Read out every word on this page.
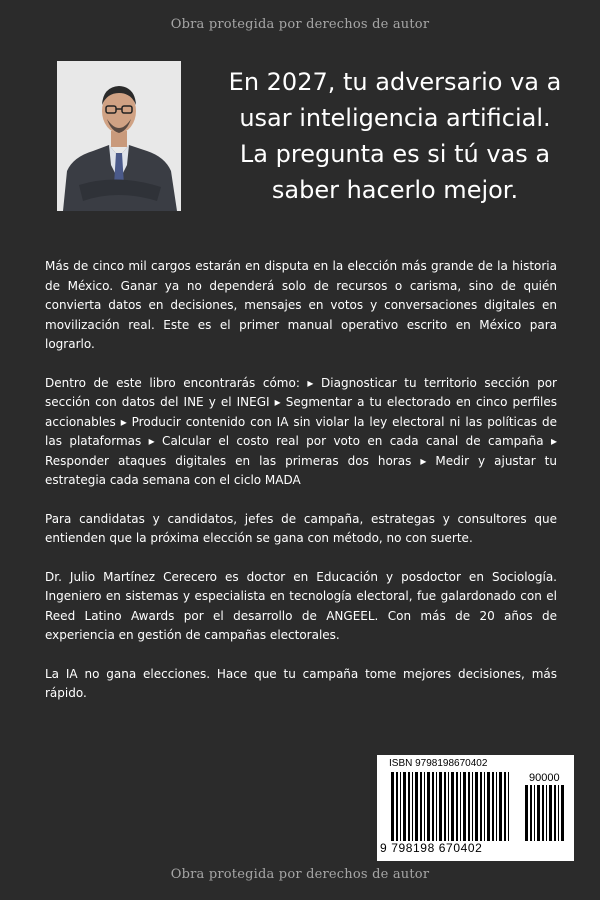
Obra protegida por derechos de autor
En 2027, tu adversario va a
usar inteligencia artificial.
La pregunta es si tú vas a
saber hacerlo mejor.

Más de cinco mil cargos estarán en disputa en la elección más grande de la historia de México. Ganar ya no dependerá solo de recursos o carisma, sino de quién convierta datos en decisiones, mensajes en votos y conversaciones digitales en movilización real. Este es el primer manual operativo escrito en México para lograrlo.

Dentro de este libro encontrarás cómo: ▸ Diagnosticar tu territorio sección por sección con datos del INE y el INEGI ▸ Segmentar a tu electorado en cinco perfiles accionables ▸ Producir contenido con IA sin violar la ley electoral ni las políticas de las plataformas ▸ Calcular el costo real por voto en cada canal de campaña ▸ Responder ataques digitales en las primeras dos horas ▸ Medir y ajustar tu estrategia cada semana con el ciclo MADA

Para candidatas y candidatos, jefes de campaña, estrategas y consultores que entienden que la próxima elección se gana con método, no con suerte.

Dr. Julio Martínez Cerecero es doctor en Educación y posdoctor en Sociología. Ingeniero en sistemas y especialista en tecnología electoral, fue galardonado con el Reed Latino Awards por el desarrollo de ANGEEL. Con más de 20 años de experiencia en gestión de campañas electorales.

La IA no gana elecciones. Hace que tu campaña tome mejores decisiones, más rápido.

ISBN 9798198670402
90000
9 798198 670402
Obra protegida por derechos de autor
